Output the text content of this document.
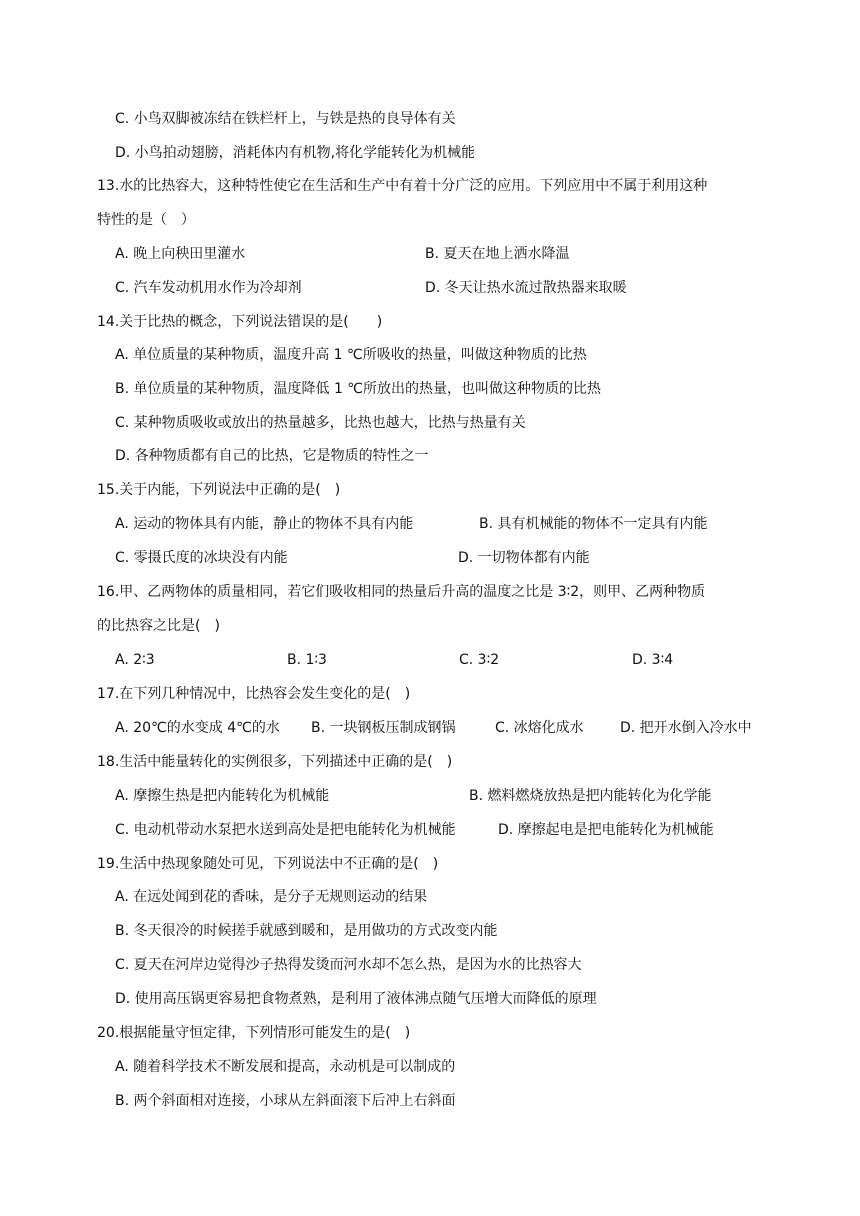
C. 小鸟双脚被冻结在铁栏杆上，与铁是热的良导体有关
D. 小鸟拍动翅膀，消耗体内有机物,将化学能转化为机械能
13.水的比热容大，这种特性使它在生活和生产中有着十分广泛的应用。下列应用中不属于利用这种
特性的是（　）
A. 晚上向秧田里灌水	B. 夏天在地上洒水降温
C. 汽车发动机用水作为冷却剂	D. 冬天让热水流过散热器来取暖
14.关于比热的概念，下列说法错误的是(　　)
A. 单位质量的某种物质，温度升高 1 ℃所吸收的热量，叫做这种物质的比热
B. 单位质量的某种物质，温度降低 1 ℃所放出的热量，也叫做这种物质的比热
C. 某种物质吸收或放出的热量越多，比热也越大，比热与热量有关
D. 各种物质都有自己的比热，它是物质的特性之一
15.关于内能，下列说法中正确的是(　)
A. 运动的物体具有内能，静止的物体不具有内能	B. 具有机械能的物体不一定具有内能
C. 零摄氏度的冰块没有内能	D. 一切物体都有内能
16.甲、乙两物体的质量相同，若它们吸收相同的热量后升高的温度之比是 3∶2，则甲、乙两种物质
的比热容之比是(　)
A. 2∶3	B. 1∶3	C. 3∶2	D. 3∶4
17.在下列几种情况中，比热容会发生变化的是(　)
A. 20℃的水变成 4℃的水 B. 一块钢板压制成钢锅	C. 冰熔化成水	D. 把开水倒入冷水中
18.生活中能量转化的实例很多，下列描述中正确的是(　)
A. 摩擦生热是把内能转化为机械能	B. 燃料燃烧放热是把内能转化为化学能
C. 电动机带动水泵把水送到高处是把电能转化为机械能	D. 摩擦起电是把电能转化为机械能
19.生活中热现象随处可见，下列说法中不正确的是(　)
A. 在远处闻到花的香味，是分子无规则运动的结果
B. 冬天很冷的时候搓手就感到暖和，是用做功的方式改变内能
C. 夏天在河岸边觉得沙子热得发烫而河水却不怎么热，是因为水的比热容大
D. 使用高压锅更容易把食物煮熟，是利用了液体沸点随气压增大而降低的原理
20.根据能量守恒定律，下列情形可能发生的是(　)
A. 随着科学技术不断发展和提高，永动机是可以制成的
B. 两个斜面相对连接，小球从左斜面滚下后冲上右斜面
